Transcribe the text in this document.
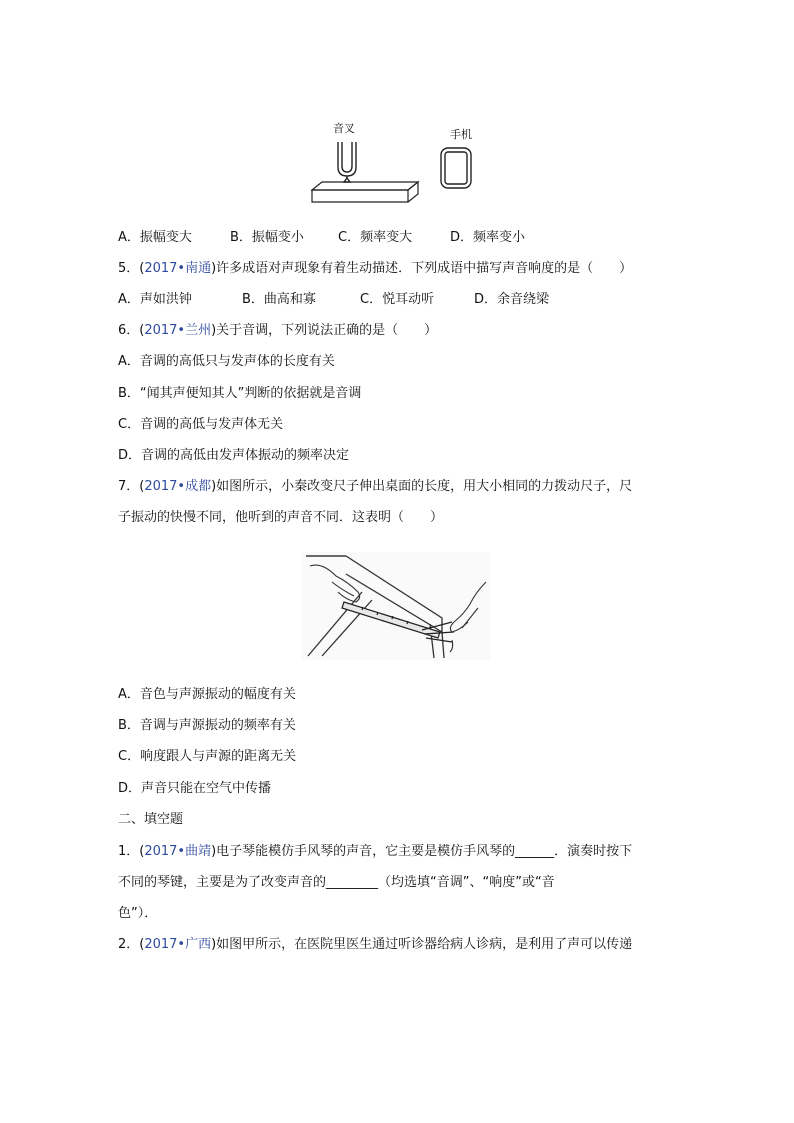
音叉	手机
A．振幅变大	B．振幅变小	C．频率变大	D．频率变小
5．(2017•南通)许多成语对声现象有着生动描述．下列成语中描写声音响度的是（　　）
A．声如洪钟	B．曲高和寡	C．悦耳动听	D．余音绕梁
6．(2017•兰州)关于音调，下列说法正确的是（　　）
A．音调的高低只与发声体的长度有关
B．“闻其声便知其人”判断的依据就是音调
C．音调的高低与发声体无关
D．音调的高低由发声体振动的频率决定
7．(2017•成都)如图所示，小秦改变尺子伸出桌面的长度，用大小相同的力拨动尺子，尺
子振动的快慢不同，他听到的声音不同．这表明（　　）
A．音色与声源振动的幅度有关
B．音调与声源振动的频率有关
C．响度跟人与声源的距离无关
D．声音只能在空气中传播
二、填空题
1．(2017•曲靖)电子琴能模仿手风琴的声音，它主要是模仿手风琴的______．演奏时按下
不同的琴键，主要是为了改变声音的________（均选填“音调”、“响度”或“音
色”）．
2．(2017•广西)如图甲所示，在医院里医生通过听诊器给病人诊病，是利用了声可以传递
